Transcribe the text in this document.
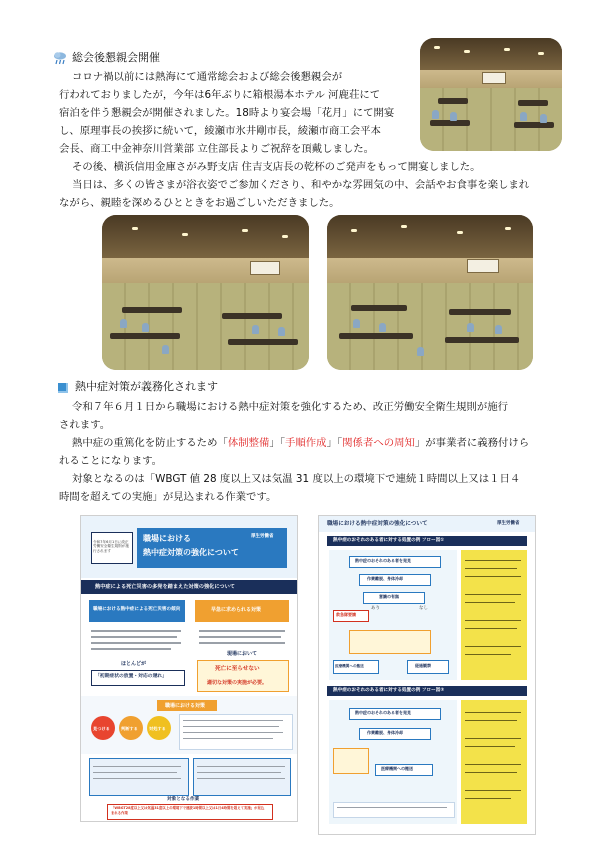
総会後懇親会開催
コロナ禍以前には熱海にて通常総会および総会後懇親会が
行われておりましたが，今年は6年ぶりに箱根湯本ホテル 河鹿荘にて
宿泊を伴う懇親会が開催されました。18時より宴会場「花月」にて開宴
し、原理事長の挨拶に続いて，綾瀬市氷井剛市長，綾瀬市商工会平本
会長、商工中金神奈川営業部 立住部長よりご祝辞を頂戴しました。
その後、横浜信用金庫さがみ野支店 住吉支店長の乾杯のご発声をもって開宴しました。
当日は、多くの皆さまが浴衣姿でご参加くださり、和やかな雰囲気の中、会話やお食事を楽しまれ
ながら、親睦を深めるひとときをお過ごしいただきました。
熱中症対策が義務化されます
令和７年６月１日から職場における熱中症対策を強化するため、改正労働安全衛生規則が施行
されます。
熱中症の重篤化を防止するため「体制整備」「手順作成」「関係者への周知」が事業者に義務付けら
れることになります。
対象となるのは「WBGT 値 28 度以上又は気温 31 度以上の環境下で連続１時間以上又は１日４
時間を超えての実施」が見込まれる作業です。
令和7年6月1日に改正労働安全衛生規則が施行されます
職場における
熱中症対策の強化について
厚生労働省
熱中症による死亡災害の多発を踏まえた対策の強化について
職場における熱中症による死亡災害の傾向	早急に求められる対策
ほとんどが
「初期症状の放置・対応の遅れ」
現場において
死亡に至らせない
適切な対策の実施が必要。
職場における対策
見つける	判断する	対処する
対象となる作業
「WBGT28度以上又は気温31度以上の環境下で連続1時間以上又は1日4時間を超えて実施」が見込まれる作業
職場における熱中症対策の強化について	厚生労働省
熱中症のおそれのある者に対する処置の例 フロー図①
熱中症のおそれのある者を発見
作業離脱、身体冷却
意識の有無
救急隊要請
あり	なし
医療機関への搬送	経過観察
熱中症のおそれのある者に対する処置の例 フロー図②
熱中症のおそれのある者を発見
作業離脱、身体冷却
医療機関への搬送
